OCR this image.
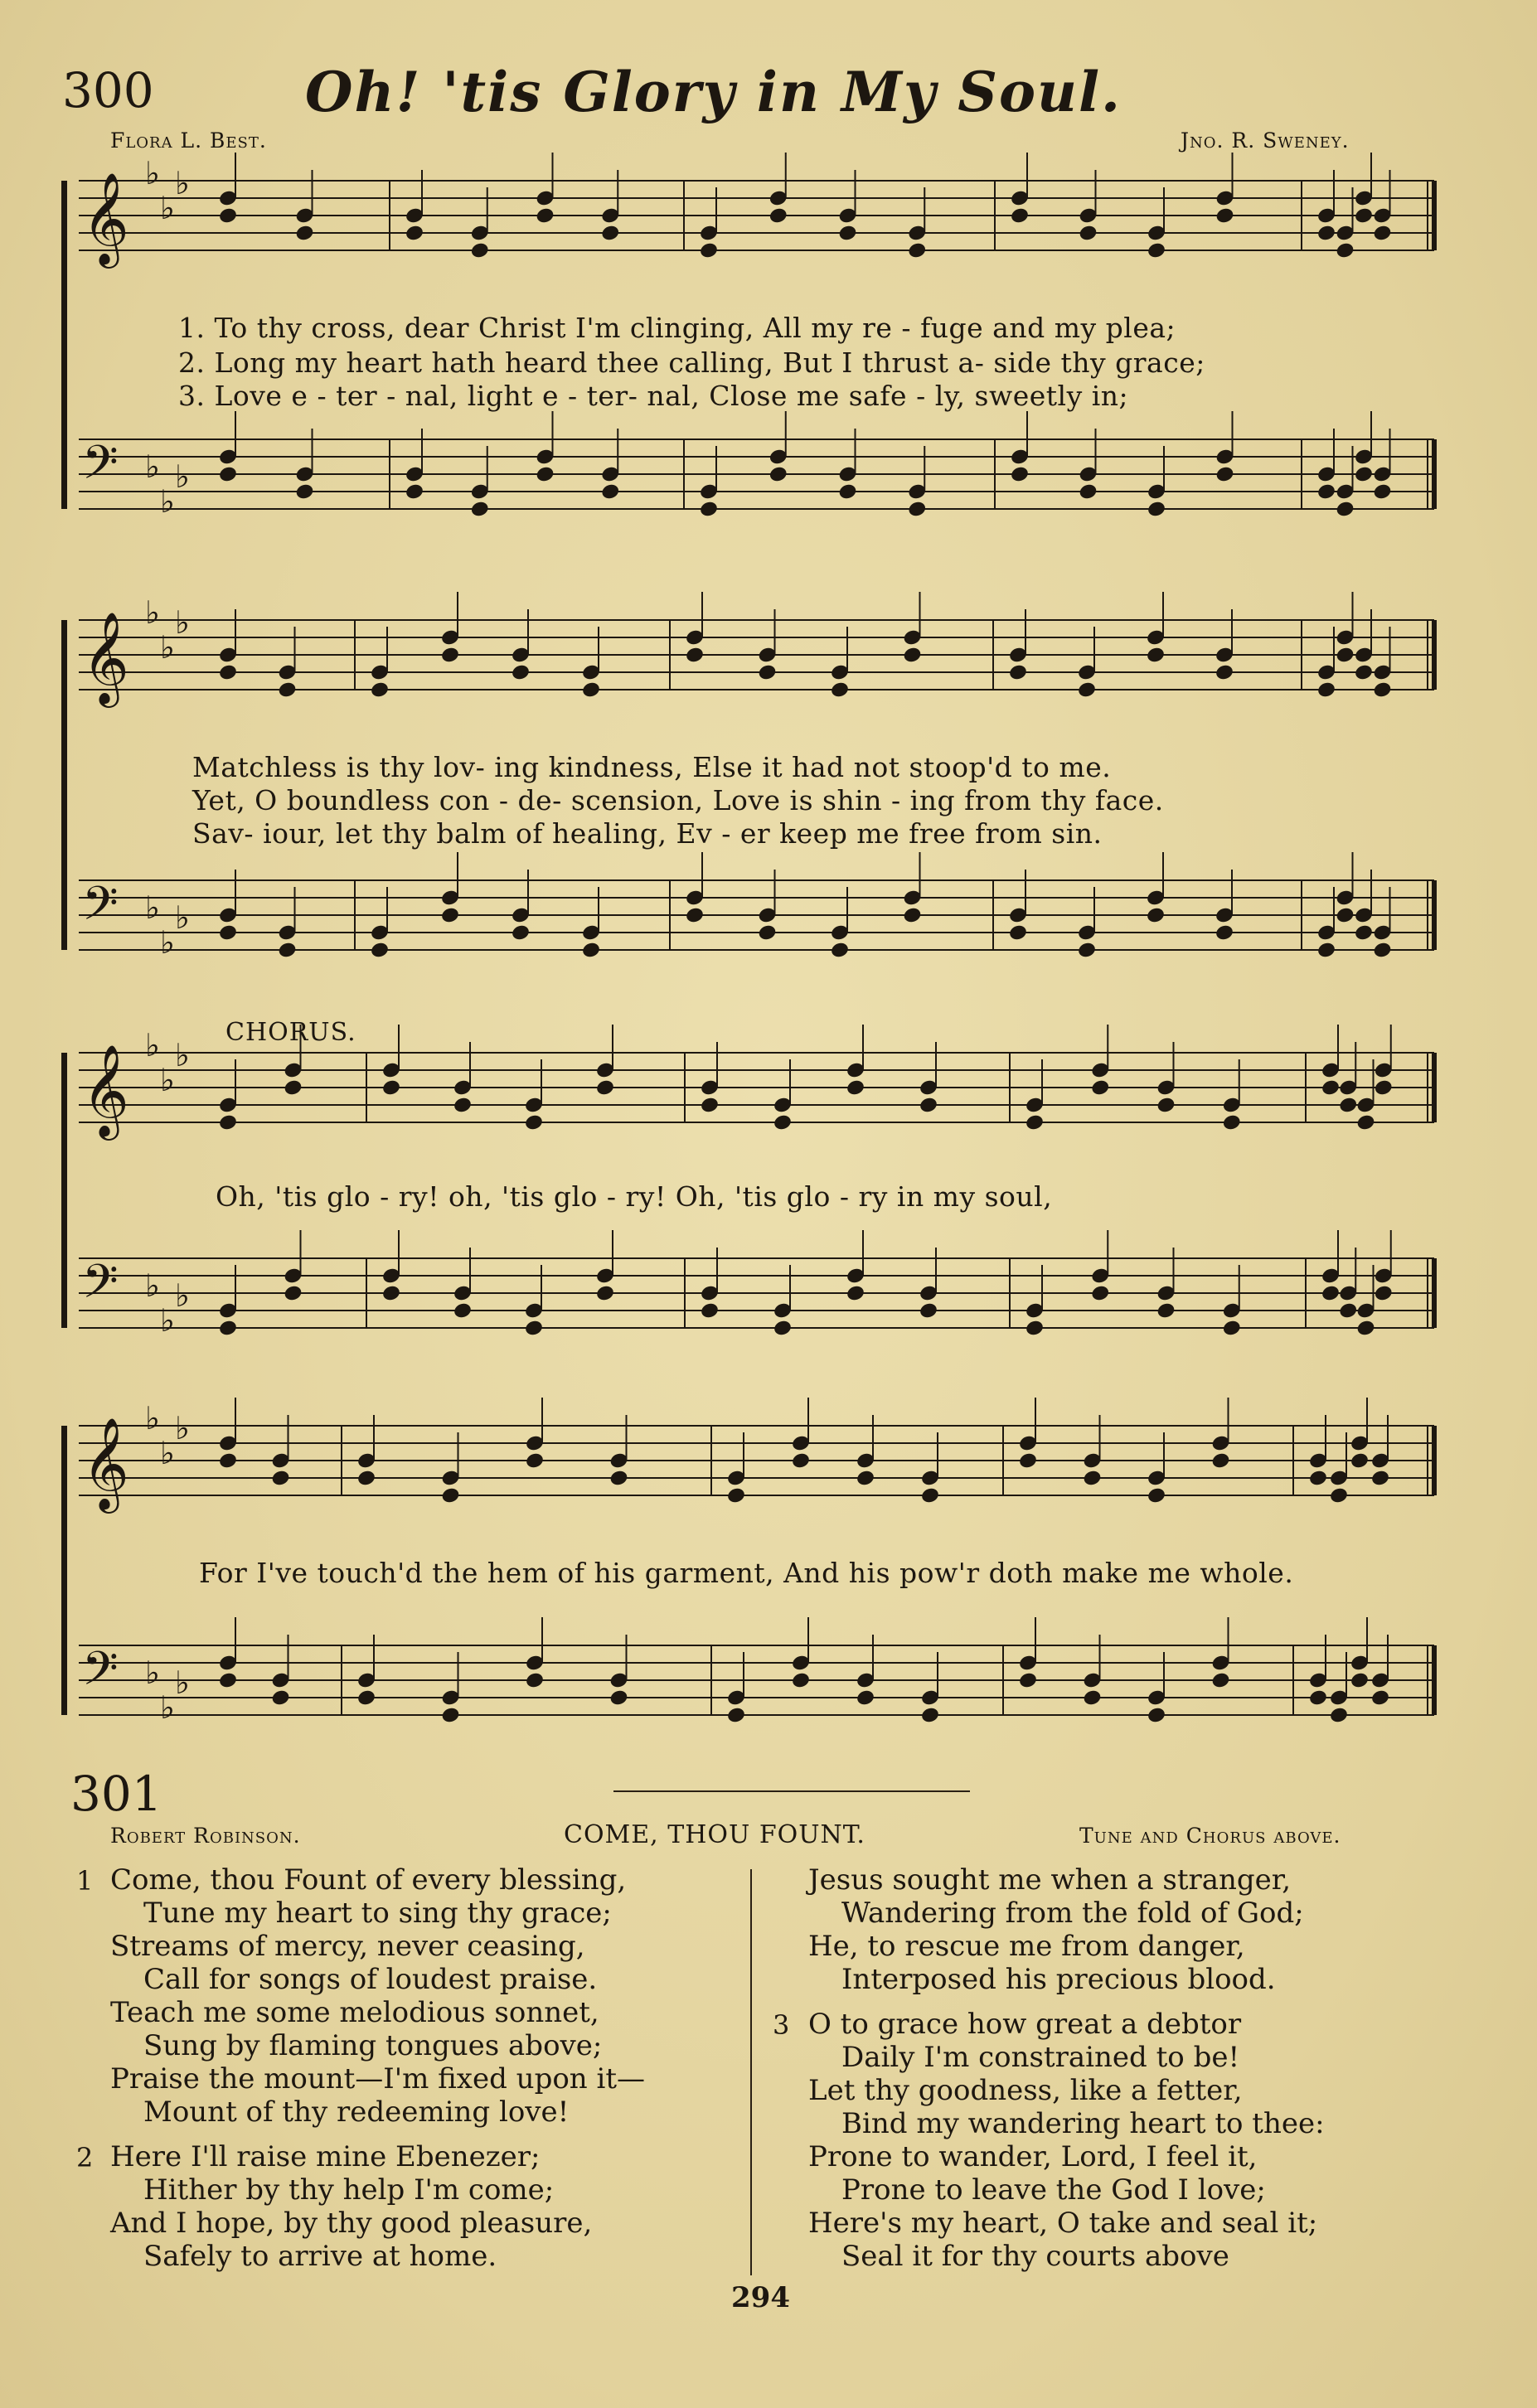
300	Oh! 'tis Glory in My Soul.
Flora L. Best.	Jno. R. Sweney.
𝄞 ♭
♭
♭
𝄢 ♭
♭
♭
𝄞 ♭
♭
♭
𝄢 ♭
♭
♭
𝄞 ♭
♭
♭
𝄢 ♭
♭
♭
𝄞 ♭
♭
♭
𝄢 ♭
♭
♭
1. To thy cross, dear Christ I'm clinging, All my re - fuge and my plea;
2. Long my heart hath heard thee calling, But I thrust a- side thy grace;
3. Love e - ter - nal, light e - ter- nal, Close me safe - ly, sweetly in;
Matchless is thy lov- ing kindness, Else it had not stoop'd to me.
Yet, O boundless con - de- scension, Love is shin - ing from thy face.
Sav- iour, let thy balm of healing, Ev - er keep me free from sin.
CHORUS.
Oh, 'tis glo - ry! oh, 'tis glo - ry! Oh, 'tis glo - ry in my soul,
For I've touch'd the hem of his garment, And his pow'r doth make me whole.
301
Robert Robinson.	COME, THOU FOUNT.	Tune and Chorus above.
1 Come, thou Fount of every blessing,
Tune my heart to sing thy grace;
Streams of mercy, never ceasing,
Call for songs of loudest praise.
Teach me some melodious sonnet,
Sung by flaming tongues above;
Praise the mount—I'm fixed upon it—
Mount of thy redeeming love!
2 Here I'll raise mine Ebenezer;
Hither by thy help I'm come;
And I hope, by thy good pleasure,
Safely to arrive at home.
Jesus sought me when a stranger,
Wandering from the fold of God;
He, to rescue me from danger,
Interposed his precious blood.
3 O to grace how great a debtor
Daily I'm constrained to be!
Let thy goodness, like a fetter,
Bind my wandering heart to thee:
Prone to wander, Lord, I feel it,
Prone to leave the God I love;
Here's my heart, O take and seal it;
Seal it for thy courts above
294
